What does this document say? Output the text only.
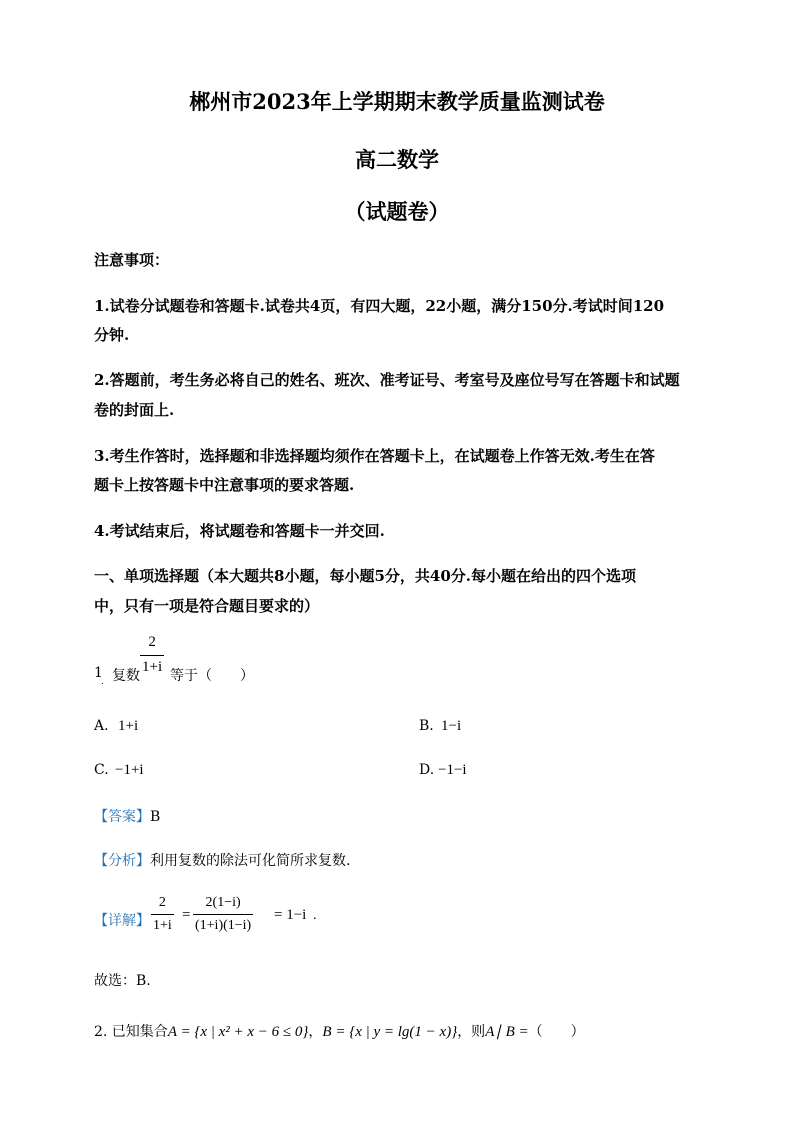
郴州市2023年上学期期末教学质量监测试卷
高二数学
（试题卷）
注意事项：
1.试卷分试题卷和答题卡.试卷共4页，有四大题，22小题，满分150分.考试时间120
分钟.
2.答题前，考生务必将自己的姓名、班次、准考证号、考室号及座位号写在答题卡和试题
卷的封面上.
3.考生作答时，选择题和非选择题均须作在答题卡上，在试题卷上作答无效.考生在答
题卡上按答题卡中注意事项的要求答题.
4.考试结束后，将试题卷和答题卡一并交回.
一、单项选择题（本大题共8小题，每小题5分，共40分.每小题在给出的四个选项
中，只有一项是符合题目要求的）
1
. 复数 $\frac{2}{1+i}$ 等于（　　）
A. 1+i	B. 1−i
C. −1+i	D. −1−i
【答案】B
【分析】利用复数的除法可化简所求复数.
【详解】 $\frac{2}{1+i} = \frac{2(1-i)}{(1+i)(1-i)} = 1-i$ .
故选：B.
2. 已知集合A = {x | x² + x − 6 ≤ 0}，B = {x | y = lg(1 − x)}，则A∣ B =（　　）
